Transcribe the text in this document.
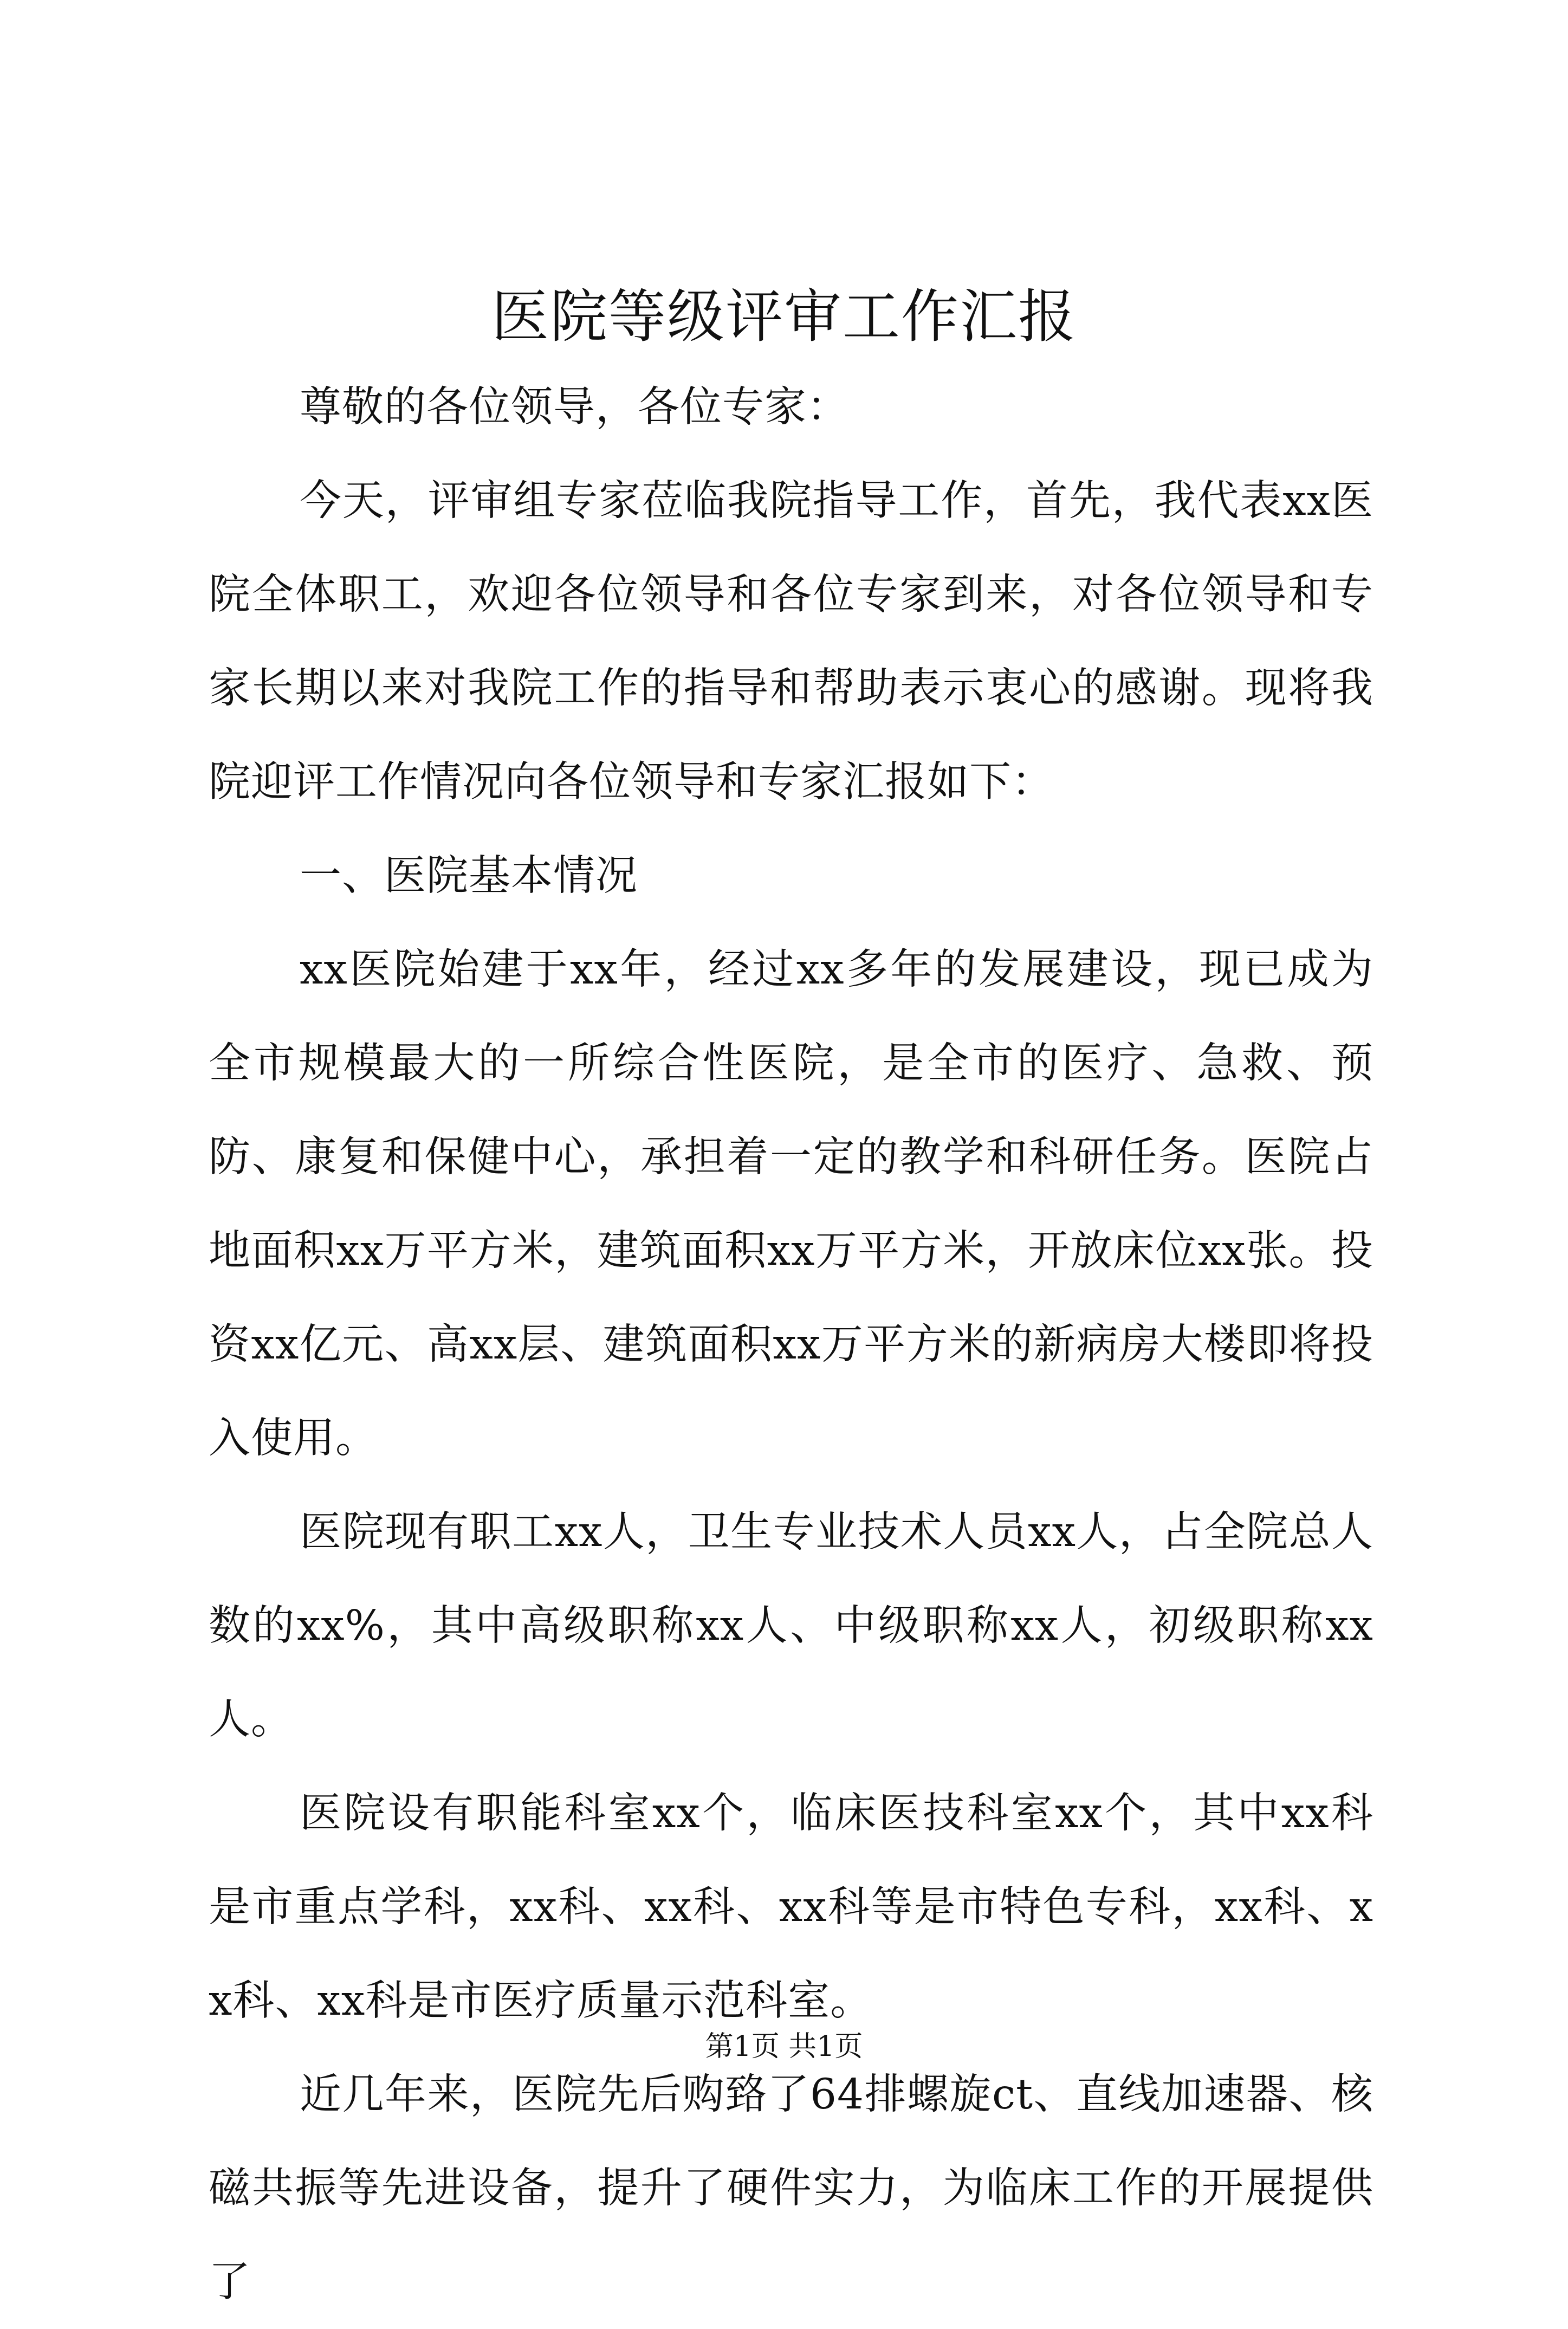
医院等级评审工作汇报

尊敬的各位领导，各位专家：

今天，评审组专家莅临我院指导工作，首先，我代表xx医院全体职工，欢迎各位领导和各位专家到来，对各位领导和专家长期以来对我院工作的指导和帮助表示衷心的感谢。现将我院迎评工作情况向各位领导和专家汇报如下：

一、医院基本情况

xx医院始建于xx年，经过xx多年的发展建设，现已成为全市规模最大的一所综合性医院，是全市的医疗、急救、预防、康复和保健中心，承担着一定的教学和科研任务。医院占地面积xx万平方米，建筑面积xx万平方米，开放床位xx张。投资xx亿元、高xx层、建筑面积xx万平方米的新病房大楼即将投入使用。

医院现有职工xx人，卫生专业技术人员xx人，占全院总人数的xx%，其中高级职称xx人、中级职称xx人，初级职称xx人。

医院设有职能科室xx个，临床医技科室xx个，其中xx科是市重点学科，xx科、xx科、xx科等是市特色专科，xx科、xx科、xx科是市医疗质量示范科室。

近几年来，医院先后购臵了64排螺旋ct、直线加速器、核磁共振等先进设备，提升了硬件实力，为临床工作的开展提供了

第1页 共1页
